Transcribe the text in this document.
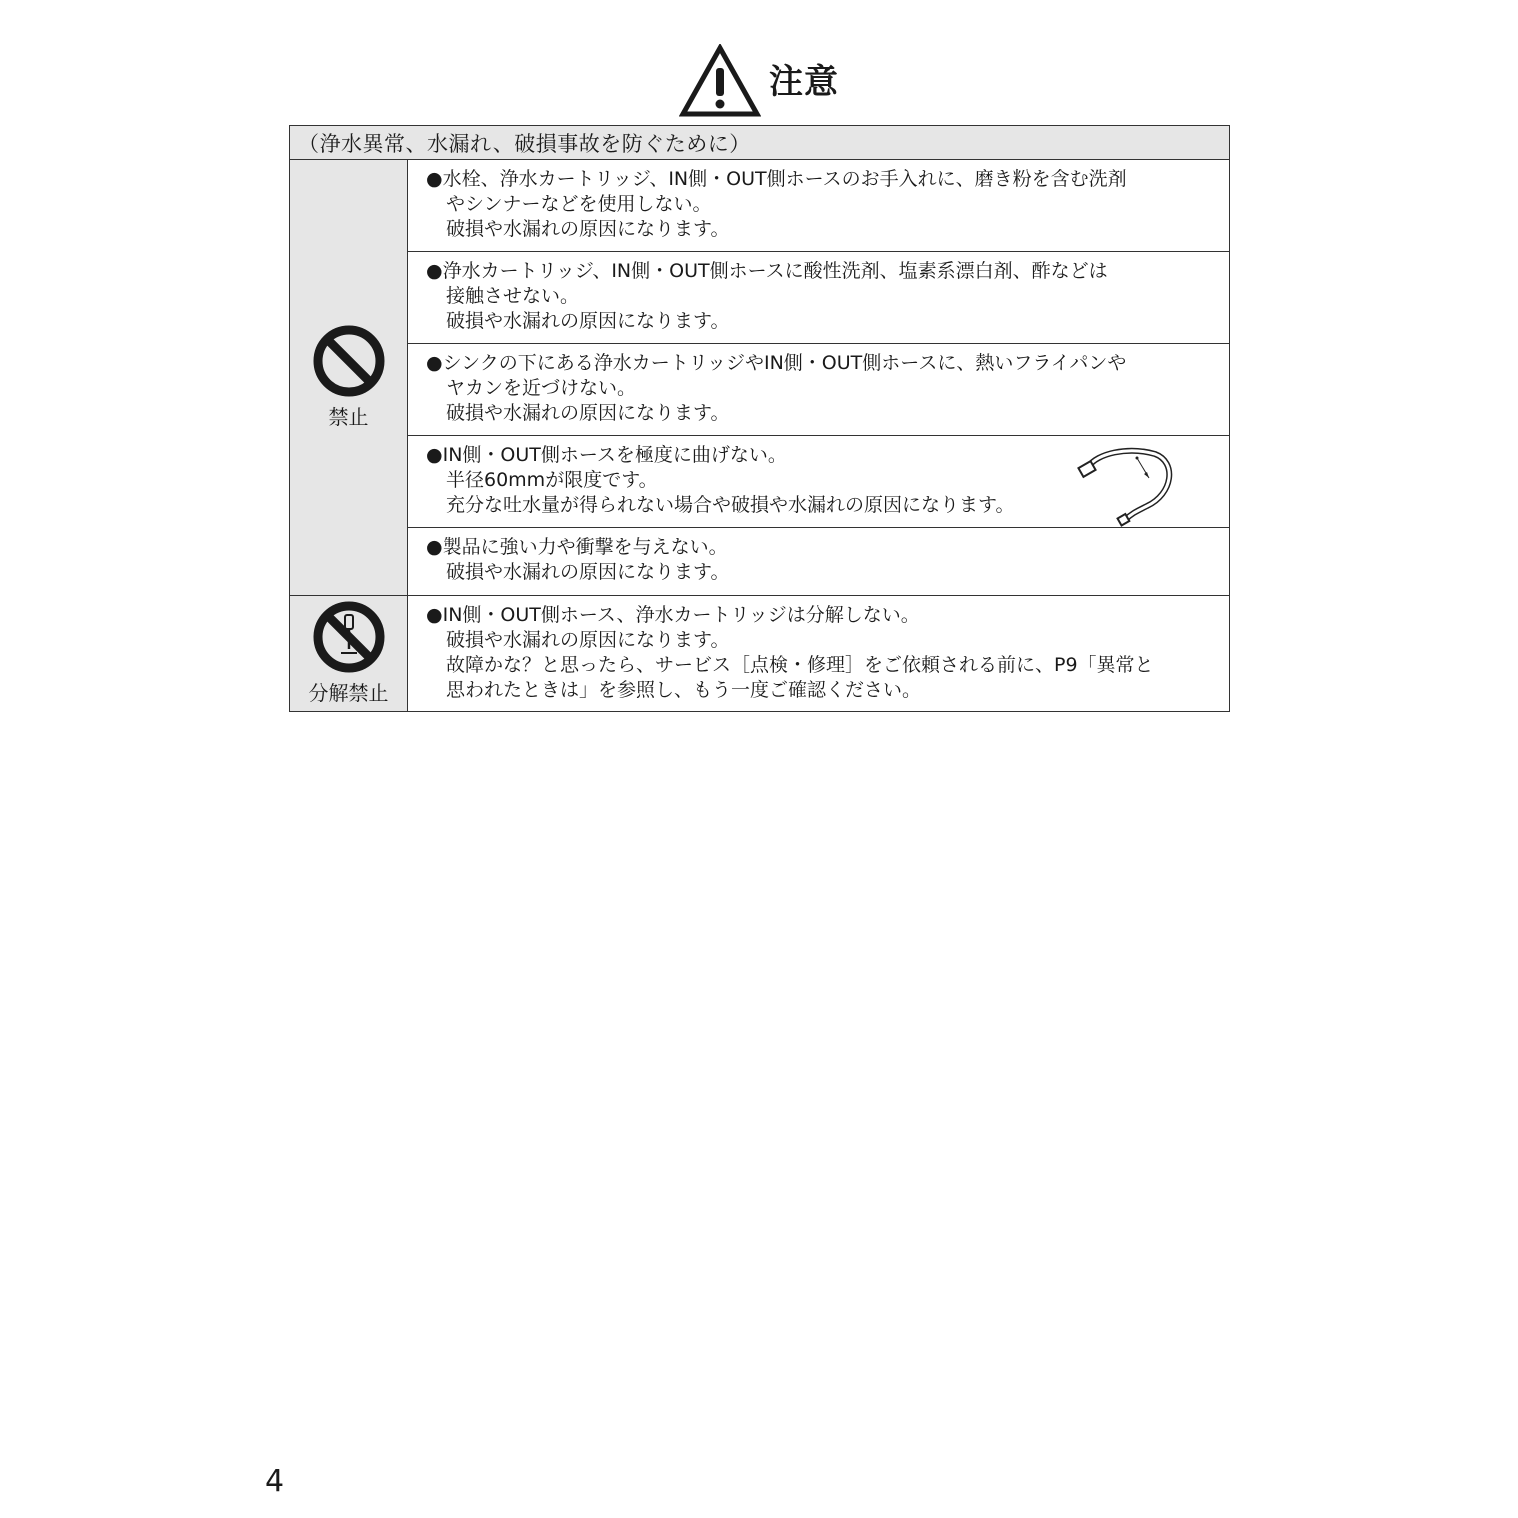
注意
（浄水異常、水漏れ、破損事故を防ぐために）	

禁止	●水栓、浄水カートリッジ、IN側・OUT側ホースのお手入れに、磨き粉を含む洗剤
やシンナーなどを使用しない。
破損や水漏れの原因になります。

	●浄水カートリッジ、IN側・OUT側ホースに酸性洗剤、塩素系漂白剤、酢などは
接触させない。
破損や水漏れの原因になります。

	●シンクの下にある浄水カートリッジやIN側・OUT側ホースに、熱いフライパンや
ヤカンを近づけない。
破損や水漏れの原因になります。

	●IN側・OUT側ホースを極度に曲げない。
半径60mmが限度です。
充分な吐水量が得られない場合や破損や水漏れの原因になります。

	●製品に強い力や衝撃を与えない。
破損や水漏れの原因になります。

分解禁止	●IN側・OUT側ホース、浄水カートリッジは分解しない。
破損や水漏れの原因になります。
故障かな？と思ったら、サービス［点検・修理］をご依頼される前に、P9「異常と
思われたときは」を参照し、もう一度ご確認ください。
4
